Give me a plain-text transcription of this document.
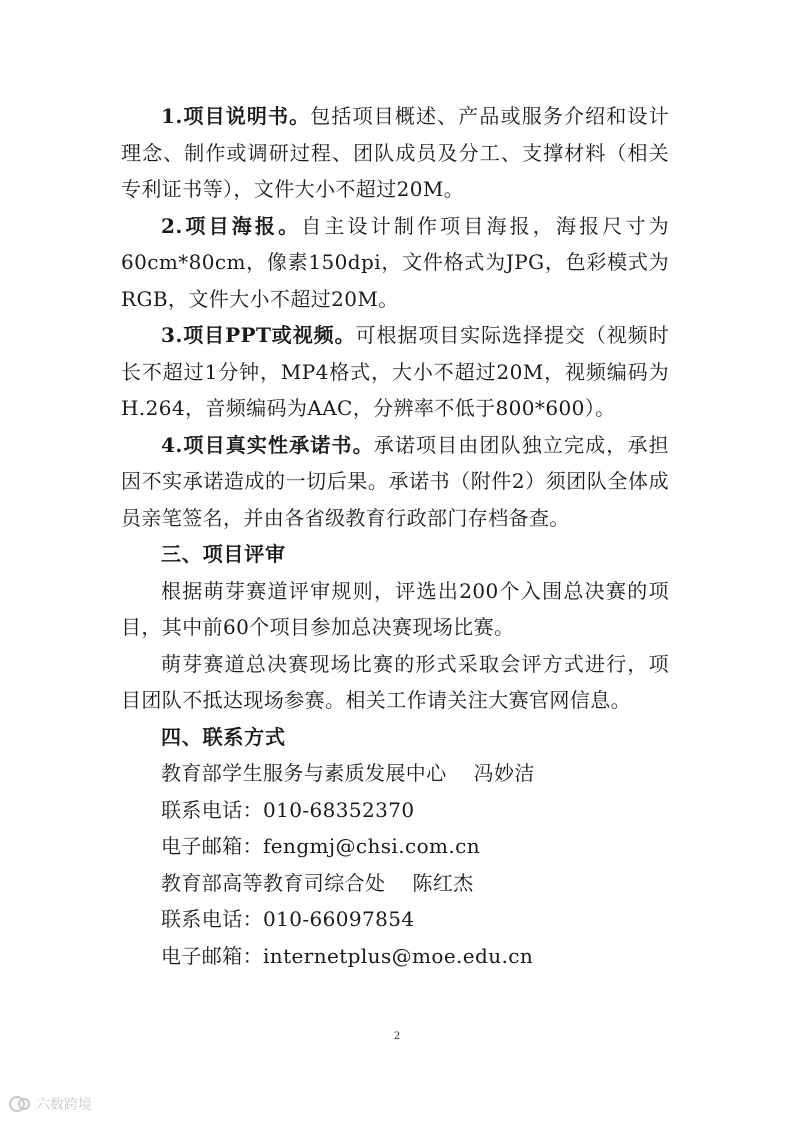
1.项目说明书。包括项目概述、产品或服务介绍和设计理念、制作或调研过程、团队成员及分工、支撑材料（相关专利证书等），文件大小不超过20M。

2.项目海报。自主设计制作项目海报，海报尺寸为60cm*80cm，像素150dpi，文件格式为JPG，色彩模式为RGB，文件大小不超过20M。

3.项目PPT或视频。可根据项目实际选择提交（视频时长不超过1分钟，MP4格式，大小不超过20M，视频编码为H.264，音频编码为AAC，分辨率不低于800*600）。

4.项目真实性承诺书。承诺项目由团队独立完成，承担因不实承诺造成的一切后果。承诺书（附件2）须团队全体成员亲笔签名，并由各省级教育行政部门存档备查。

三、项目评审

根据萌芽赛道评审规则，评选出200个入围总决赛的项目，其中前60个项目参加总决赛现场比赛。

萌芽赛道总决赛现场比赛的形式采取会评方式进行，项目团队不抵达现场参赛。相关工作请关注大赛官网信息。

四、联系方式

教育部学生服务与素质发展中心    冯妙洁

联系电话：010-68352370

电子邮箱：fengmj@chsi.com.cn

教育部高等教育司综合处    陈红杰

联系电话：010-66097854

电子邮箱：internetplus@moe.edu.cn

2
六数跨境
